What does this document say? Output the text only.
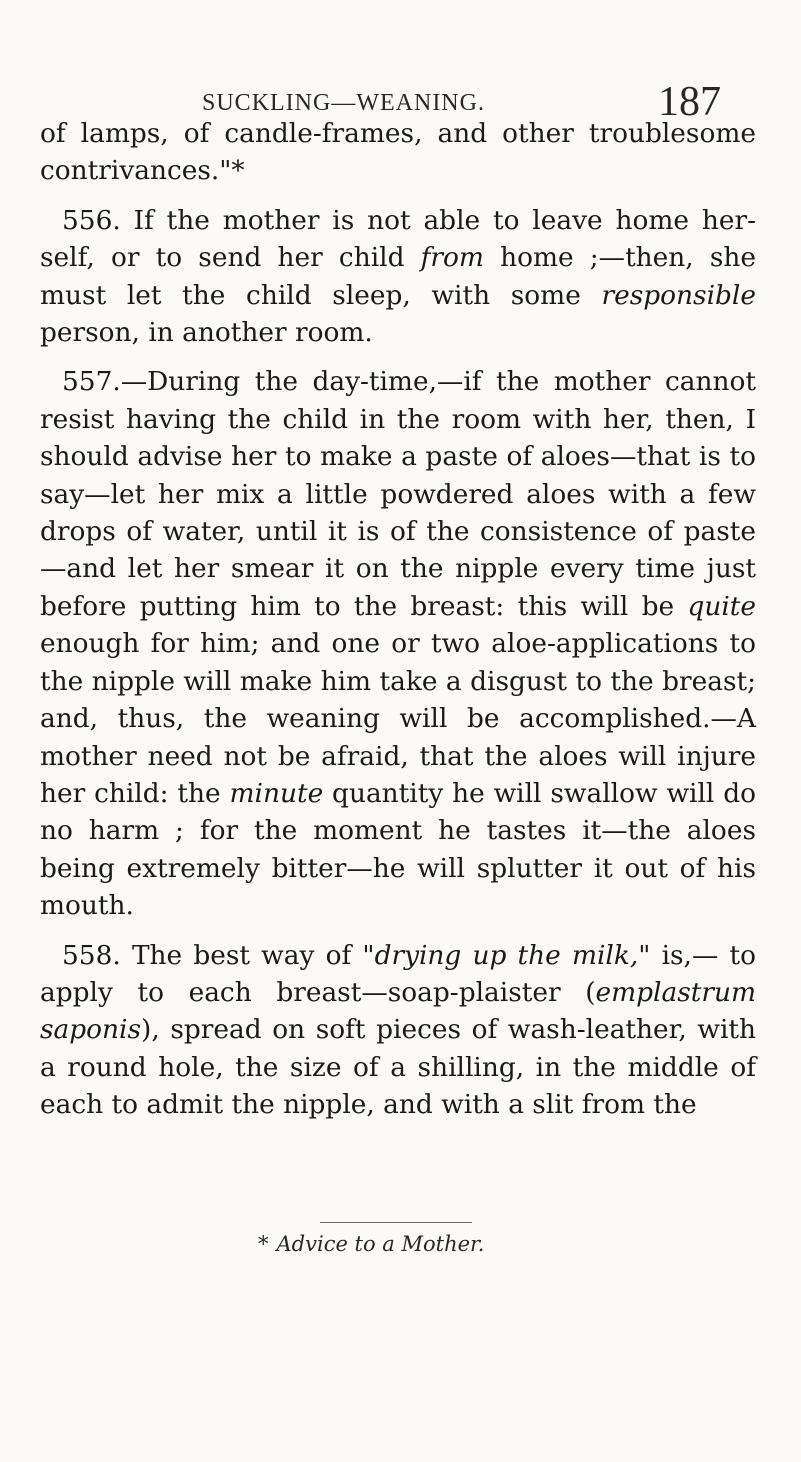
SUCKLING—WEANING.	187

of lamps, of candle-frames, and other troublesome contrivances."*

556. If the mother is not able to leave home her-self, or to send her child from home ;—then, she must let the child sleep, with some responsible person, in another room.

557.—During the day-time,—if the mother cannot resist having the child in the room with her, then, I should advise her to make a paste of aloes—that is to say—let her mix a little powdered aloes with a few drops of water, until it is of the consistence of paste —and let her smear it on the nipple every time just before putting him to the breast: this will be quite enough for him; and one or two aloe-applications to the nipple will make him take a disgust to the breast; and, thus, the weaning will be accomplished.—A mother need not be afraid, that the aloes will injure her child: the minute quantity he will swallow will do no harm ; for the moment he tastes it—the aloes being extremely bitter—he will splutter it out of his mouth.

558. The best way of "drying up the milk," is,— to apply to each breast—soap-plaister (emplastrum saponis), spread on soft pieces of wash-leather, with a round hole, the size of a shilling, in the middle of each to admit the nipple, and with a slit from the

* Advice to a Mother.
